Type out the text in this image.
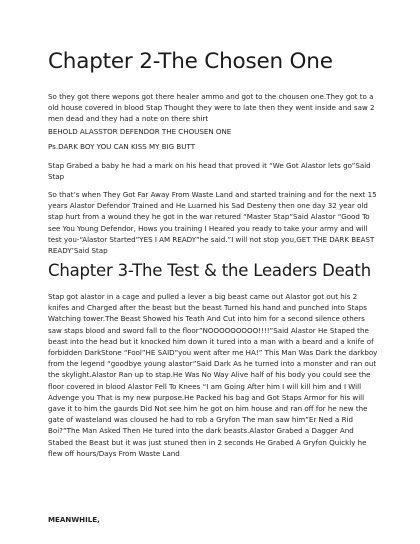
Chapter 2-The Chosen One

So they got there wepons got there healer ammo and got to the chousen one.They got to a old house covered in blood Stap Thought they were to late then they went inside and saw 2 men dead and they had a note on there shirt

BEHOLD ALASSTOR DEFENDOR THE CHOUSEN ONE

Ps.DARK BOY YOU CAN KISS MY BIG BUTT

Stap Grabed a baby he had a mark on his head that proved it “We Got Alastor lets go”Said Stap

So that’s when They Got Far Away From Waste Land and started training and for the next 15 years Alastor Defendor Trained and He Luarned his Sad Desteny then one day 32 year old stap hurt from a wound they he got in the war retured “Master Stap”Said Alastor “Good To see You Young Defendor, Hows you training I Heared you ready to take your army and will test you-“Alastor Started”YES I AM READY”he said.”I will not stop you,GET THE DARK BEAST READY’Said Stap

Chapter 3-The Test & the Leaders Death

Stap got alastor in a cage and pulled a lever a big beast came out Alastor got out his 2 knifes and Charged after the beast but the beast Turned his hand and punched into Staps Watching tower.The Beast Showed his Teath And Cut into him for a second silence others saw staps blood and sword fall to the floor”NOOOOOOOOO!!!!”Said Alastor He Staped the beast into the head but it knocked him down it tured into a man with a beard and a knife of forbidden DarkStone “Fool”HE SAID”you went after me HA!” This Man Was Dark the darkboy from the legend “goodbye young alastor”Said Dark As he turned into a monster and ran out the skylight.Alastor Ran up to stap.He Was No Way Alive half of his body you could see the floor covered in blood Alastor Fell To Knees “I am Going After him I will kill him and I Will Advenge you That is my new purpose.He Packed his bag and Got Staps Armor for his will gave it to him the gaurds Did Not see him he got on him house and ran off for he new the gate of wasteland was cloused he had to rob a Gryfon The man saw him”Er Ned a Rid Boi?”The Man Asked Then He tured into the dark beasts.Alastor Grabed a Dagger And Stabed the Beast but it was just stuned then in 2 seconds He Grabed A Gryfon Quickly he flew off hours/Days From Waste Land

MEANWHILE,
